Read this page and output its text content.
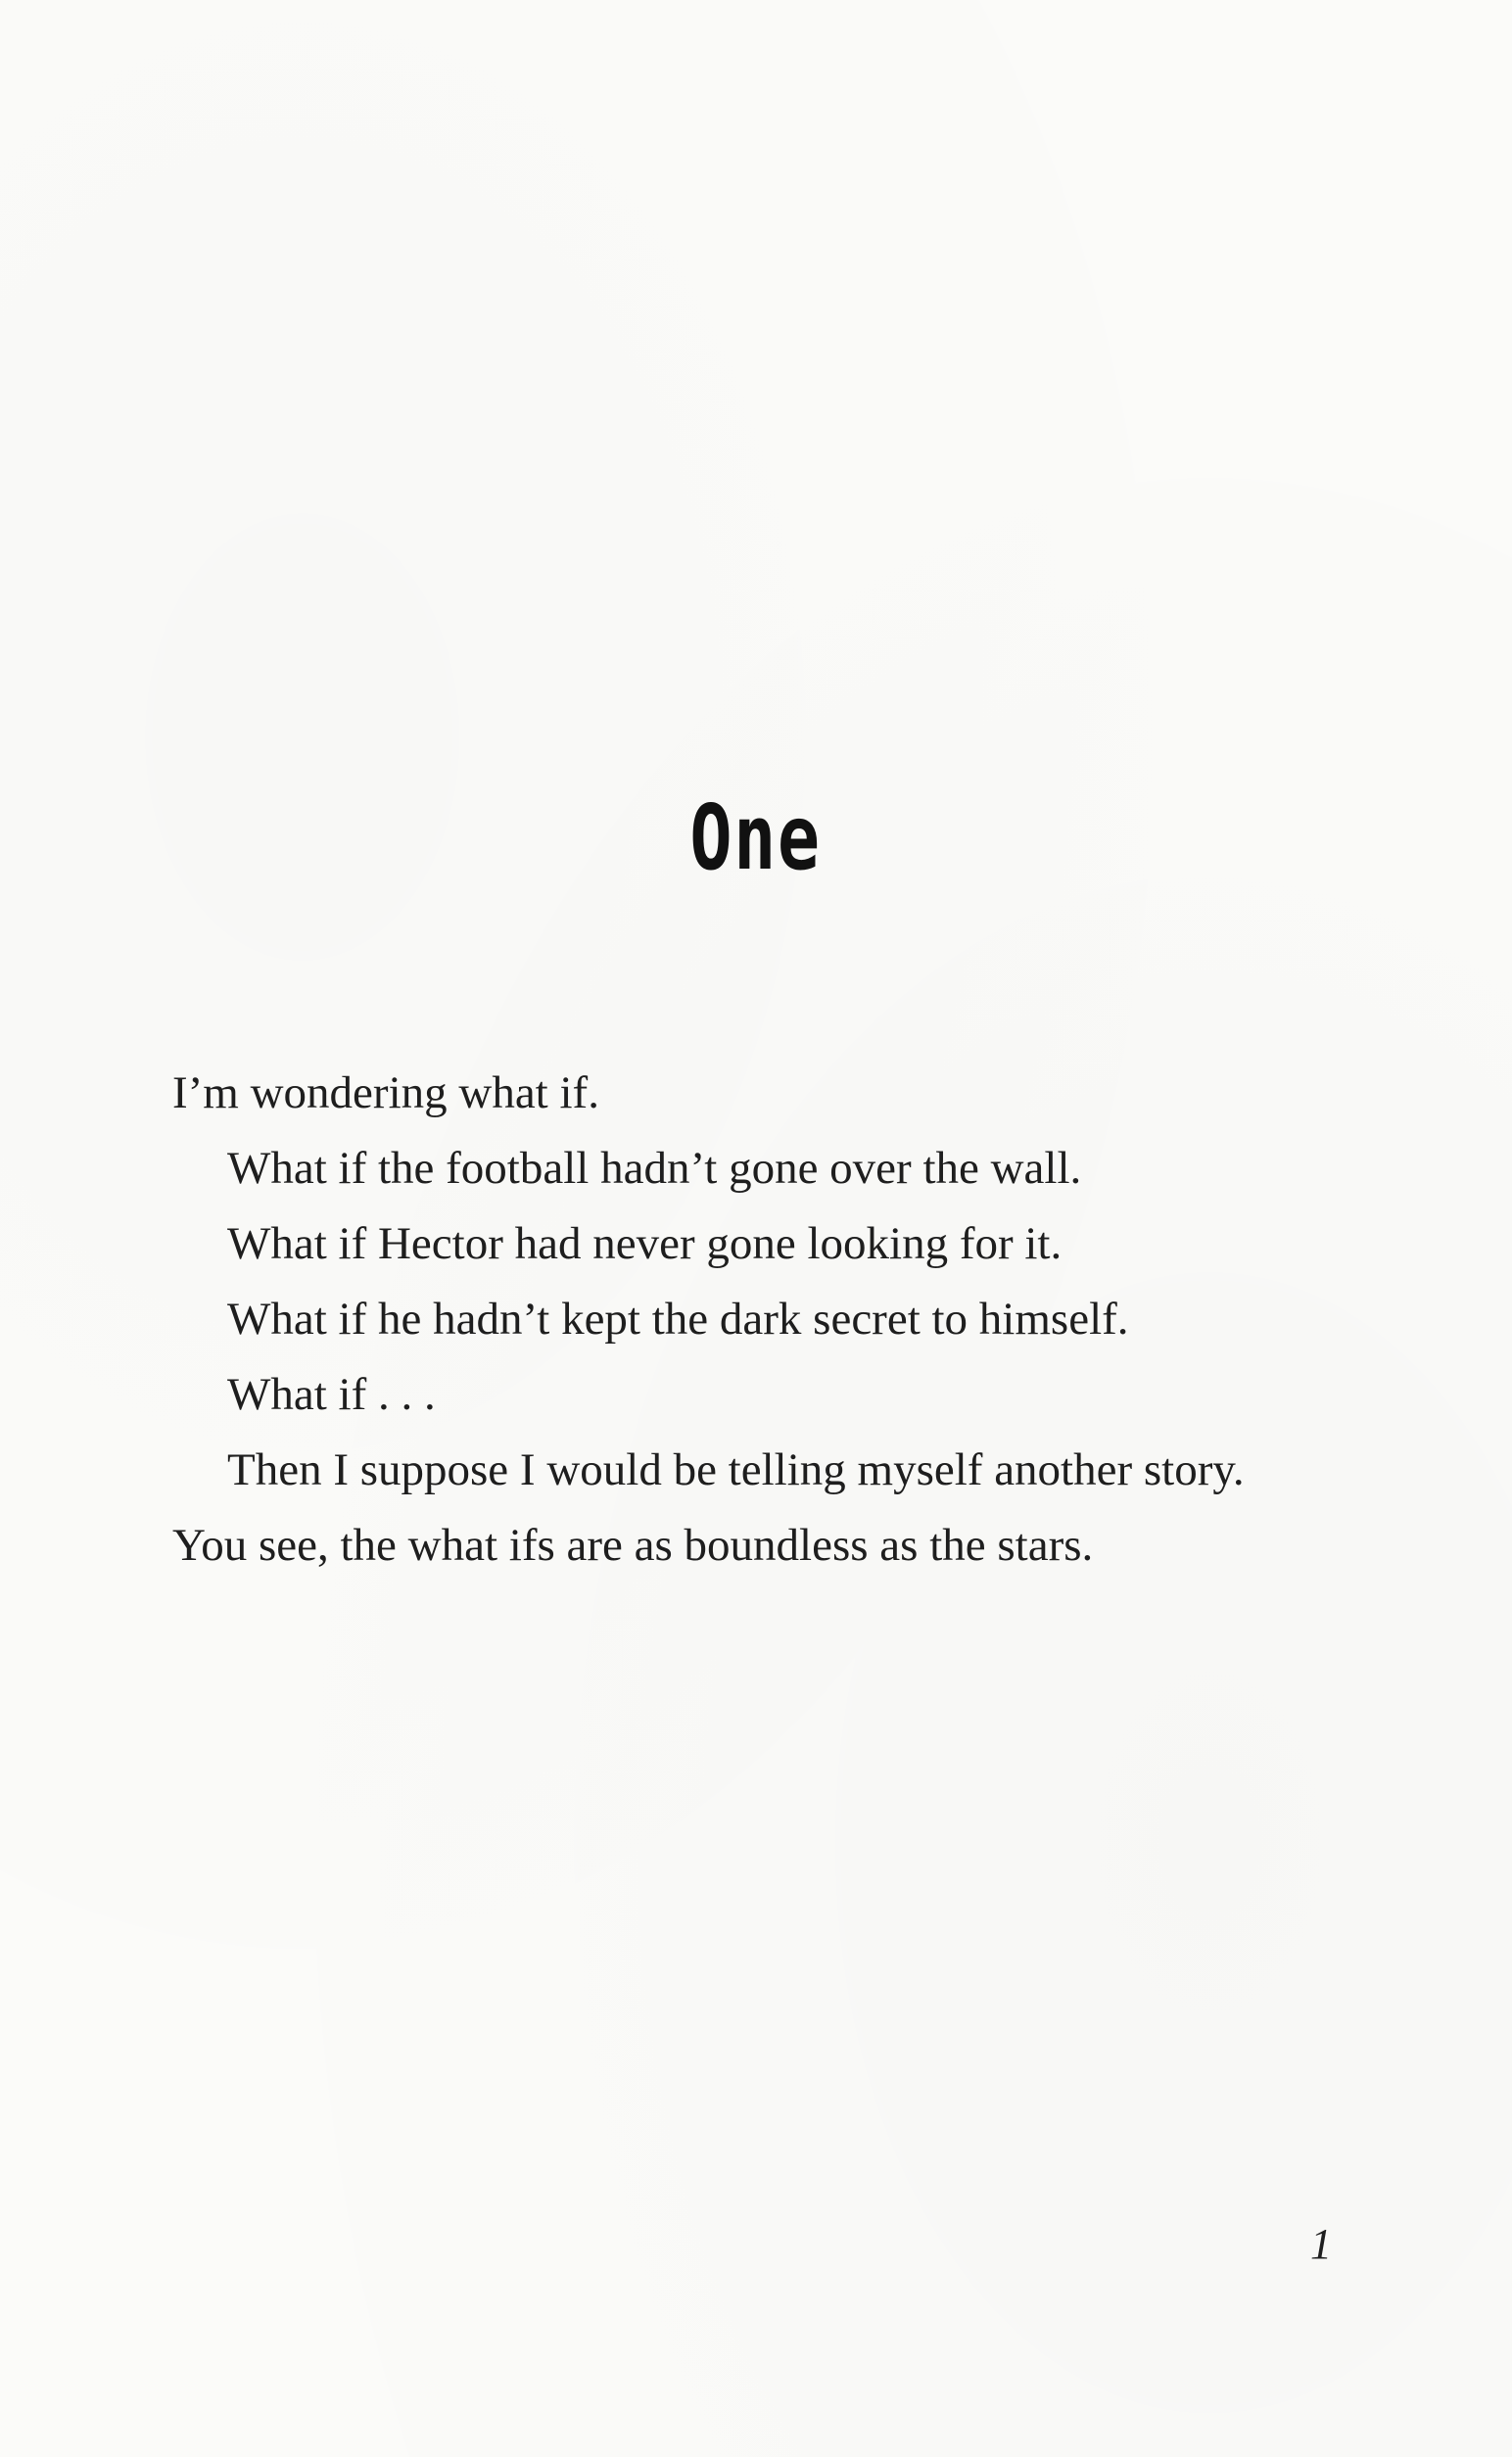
One
I’m wondering what if.
What if the football hadn’t gone over the wall.
What if Hector had never gone looking for it.
What if he hadn’t kept the dark secret to himself.
What if . . .
Then I suppose I would be telling myself another story.
You see, the what ifs are as boundless as the stars.
1
